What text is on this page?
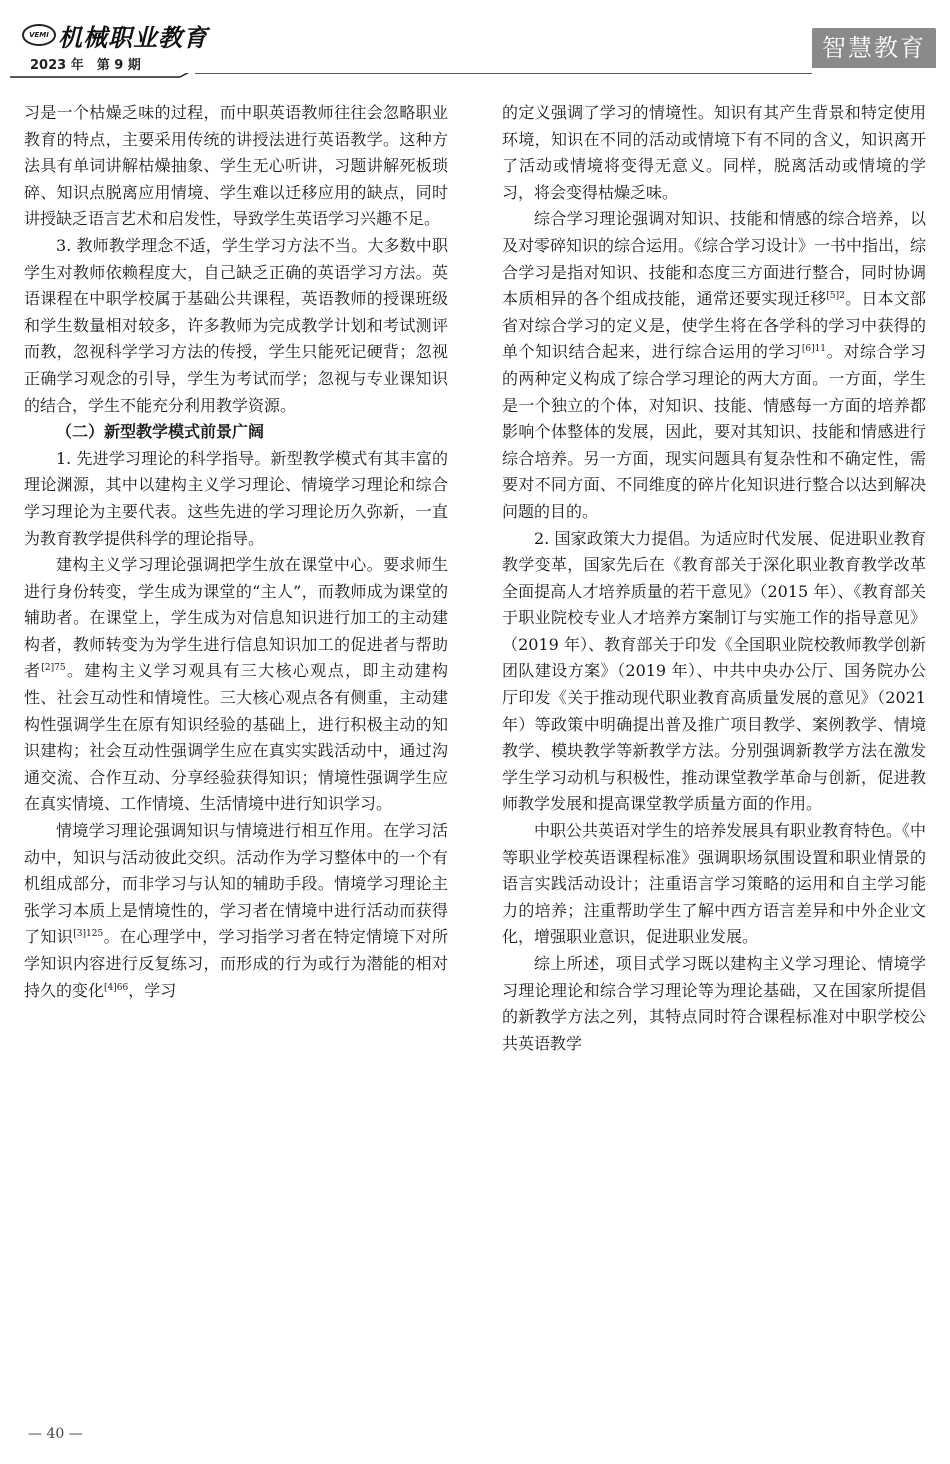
VEMI 机械职业教育
2023 年　第 9 期
智慧教育

习是一个枯燥乏味的过程，而中职英语教师往往会忽略职业教育的特点，主要采用传统的讲授法进行英语教学。这种方法具有单词讲解枯燥抽象、学生无心听讲，习题讲解死板琐碎、知识点脱离应用情境、学生难以迁移应用的缺点，同时讲授缺乏语言艺术和启发性，导致学生英语学习兴趣不足。

3. 教师教学理念不适，学生学习方法不当。大多数中职学生对教师依赖程度大，自己缺乏正确的英语学习方法。英语课程在中职学校属于基础公共课程，英语教师的授课班级和学生数量相对较多，许多教师为完成教学计划和考试测评而教，忽视科学学习方法的传授，学生只能死记硬背；忽视正确学习观念的引导，学生为考试而学；忽视与专业课知识的结合，学生不能充分利用教学资源。

（二）新型教学模式前景广阔

1. 先进学习理论的科学指导。新型教学模式有其丰富的理论渊源，其中以建构主义学习理论、情境学习理论和综合学习理论为主要代表。这些先进的学习理论历久弥新，一直为教育教学提供科学的理论指导。

建构主义学习理论强调把学生放在课堂中心。要求师生进行身份转变，学生成为课堂的“主人”，而教师成为课堂的辅助者。在课堂上，学生成为对信息知识进行加工的主动建构者，教师转变为为学生进行信息知识加工的促进者与帮助者$^{[2]75}$。建构主义学习观具有三大核心观点，即主动建构性、社会互动性和情境性。三大核心观点各有侧重，主动建构性强调学生在原有知识经验的基础上，进行积极主动的知识建构；社会互动性强调学生应在真实实践活动中，通过沟通交流、合作互动、分享经验获得知识；情境性强调学生应在真实情境、工作情境、生活情境中进行知识学习。

情境学习理论强调知识与情境进行相互作用。在学习活动中，知识与活动彼此交织。活动作为学习整体中的一个有机组成部分，而非学习与认知的辅助手段。情境学习理论主张学习本质上是情境性的，学习者在情境中进行活动而获得了知识$^{[3]125}$。在心理学中，学习指学习者在特定情境下对所学知识内容进行反复练习，而形成的行为或行为潜能的相对持久的变化$^{[4]66}$，学习

的定义强调了学习的情境性。知识有其产生背景和特定使用环境，知识在不同的活动或情境下有不同的含义，知识离开了活动或情境将变得无意义。同样，脱离活动或情境的学习，将会变得枯燥乏味。

综合学习理论强调对知识、技能和情感的综合培养，以及对零碎知识的综合运用。《综合学习设计》一书中指出，综合学习是指对知识、技能和态度三方面进行整合，同时协调本质相异的各个组成技能，通常还要实现迁移$^{[5]2}$。日本文部省对综合学习的定义是，使学生将在各学科的学习中获得的单个知识结合起来，进行综合运用的学习$^{[6]11}$。对综合学习的两种定义构成了综合学习理论的两大方面。一方面，学生是一个独立的个体，对知识、技能、情感每一方面的培养都影响个体整体的发展，因此，要对其知识、技能和情感进行综合培养。另一方面，现实问题具有复杂性和不确定性，需要对不同方面、不同维度的碎片化知识进行整合以达到解决问题的目的。

2. 国家政策大力提倡。为适应时代发展、促进职业教育教学变革，国家先后在《教育部关于深化职业教育教学改革全面提高人才培养质量的若干意见》（2015 年）、《教育部关于职业院校专业人才培养方案制订与实施工作的指导意见》（2019 年）、教育部关于印发《全国职业院校教师教学创新团队建设方案》（2019 年）、中共中央办公厅、国务院办公厅印发《关于推动现代职业教育高质量发展的意见》（2021 年）等政策中明确提出普及推广项目教学、案例教学、情境教学、模块教学等新教学方法。分别强调新教学方法在激发学生学习动机与积极性，推动课堂教学革命与创新，促进教师教学发展和提高课堂教学质量方面的作用。

中职公共英语对学生的培养发展具有职业教育特色。《中等职业学校英语课程标准》强调职场氛围设置和职业情景的语言实践活动设计；注重语言学习策略的运用和自主学习能力的培养；注重帮助学生了解中西方语言差异和中外企业文化，增强职业意识，促进职业发展。

综上所述，项目式学习既以建构主义学习理论、情境学习理论理论和综合学习理论等为理论基础，又在国家所提倡的新教学方法之列，其特点同时符合课程标准对中职学校公共英语教学

— 40 —
